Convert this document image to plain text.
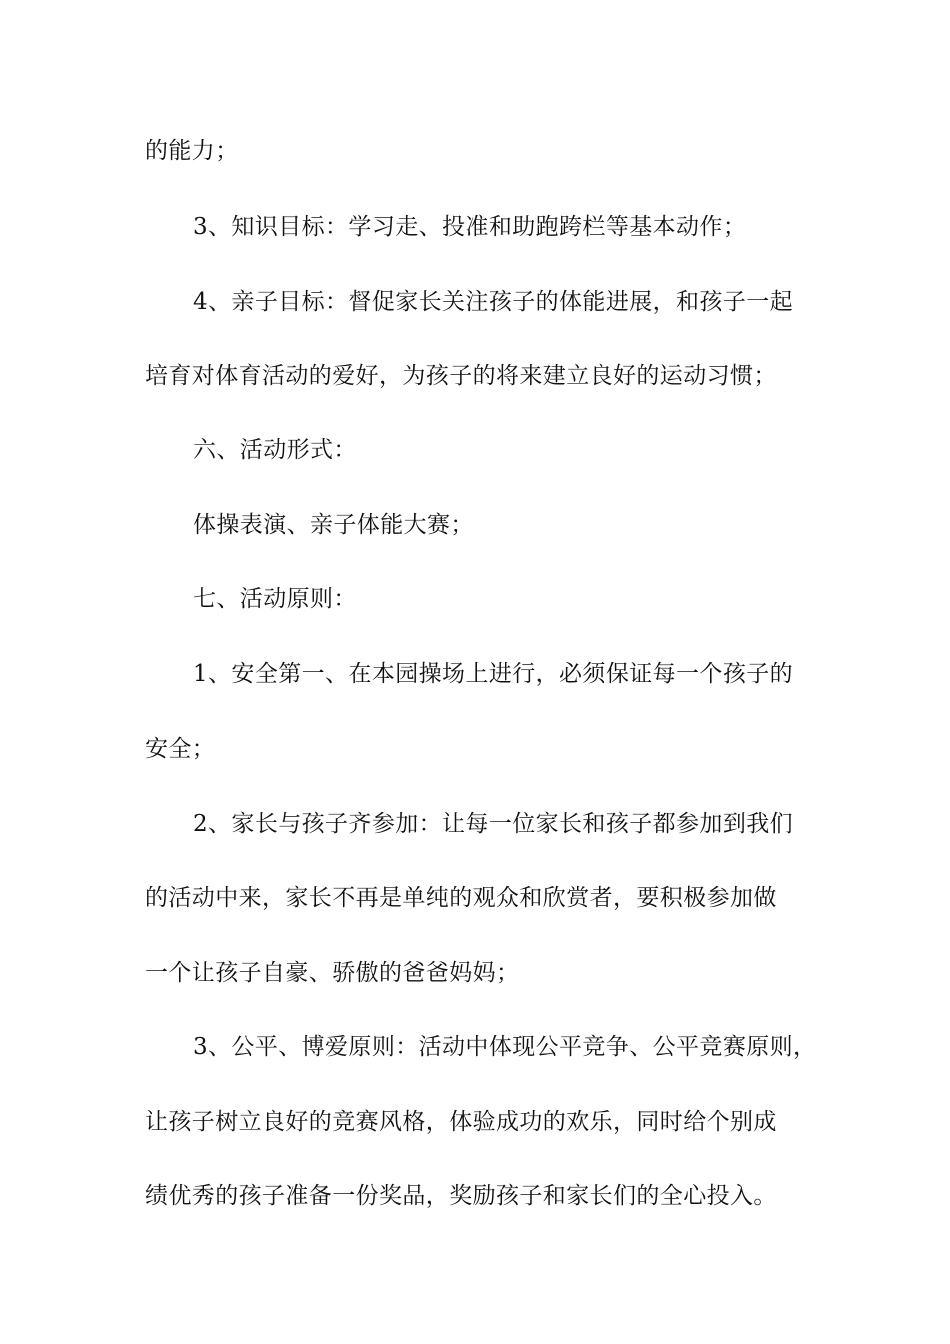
的能力；
3、知识目标：学习走、投准和助跑跨栏等基本动作；
4、亲子目标：督促家长关注孩子的体能进展，和孩子一起
培育对体育活动的爱好，为孩子的将来建立良好的运动习惯；
六、活动形式：
体操表演、亲子体能大赛；
七、活动原则：
1、安全第一、在本园操场上进行，必须保证每一个孩子的
安全；
2、家长与孩子齐参加：让每一位家长和孩子都参加到我们
的活动中来，家长不再是单纯的观众和欣赏者，要积极参加做
一个让孩子自豪、骄傲的爸爸妈妈；
3、公平、博爱原则：活动中体现公平竞争、公平竞赛原则，
让孩子树立良好的竞赛风格，体验成功的欢乐，同时给个别成
绩优秀的孩子准备一份奖品，奖励孩子和家长们的全心投入。
